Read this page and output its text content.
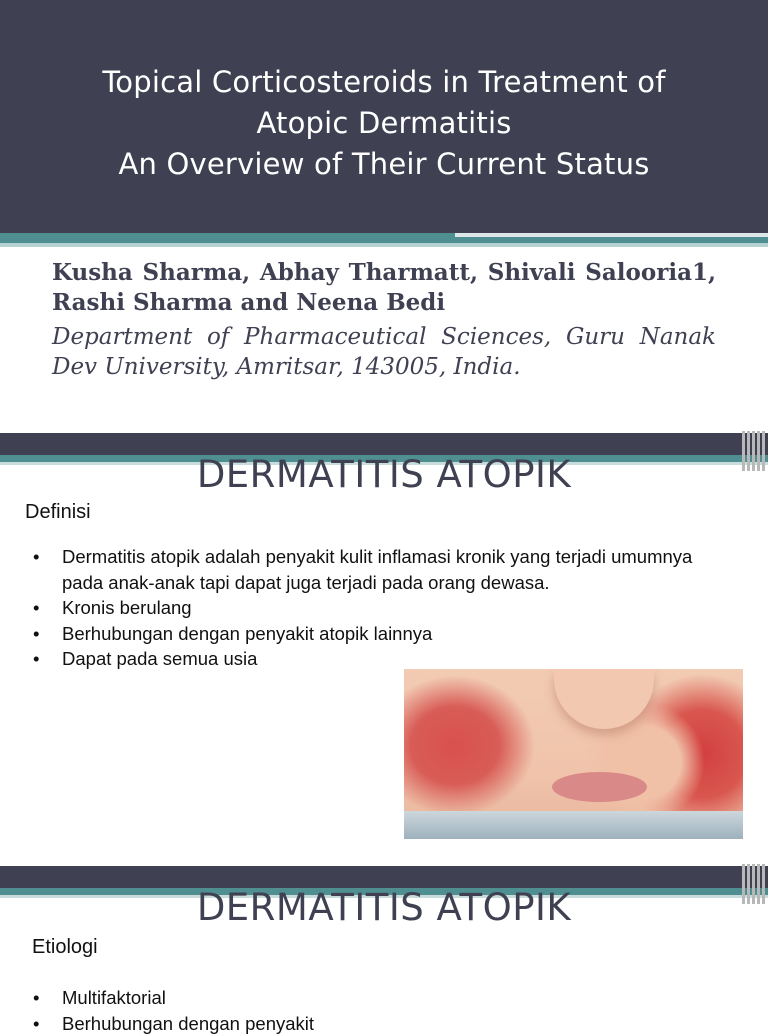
Topical Corticosteroids in Treatment of
Atopic Dermatitis
An Overview of Their Current Status
Kusha Sharma, Abhay Tharmatt, Shivali Salooria1, Rashi Sharma and Neena Bedi
Department of Pharmaceutical Sciences, Guru Nanak Dev University, Amritsar, 143005, India.
DERMATITIS ATOPIK
Definisi
• Dermatitis atopik adalah penyakit kulit inflamasi kronik yang terjadi umumnya pada anak-anak tapi dapat juga terjadi pada orang dewasa.
• Kronis berulang
• Berhubungan dengan penyakit atopik lainnya
• Dapat pada semua usia
DERMATITIS ATOPIK
Etiologi
• Multifaktorial
• Berhubungan dengan penyakit
